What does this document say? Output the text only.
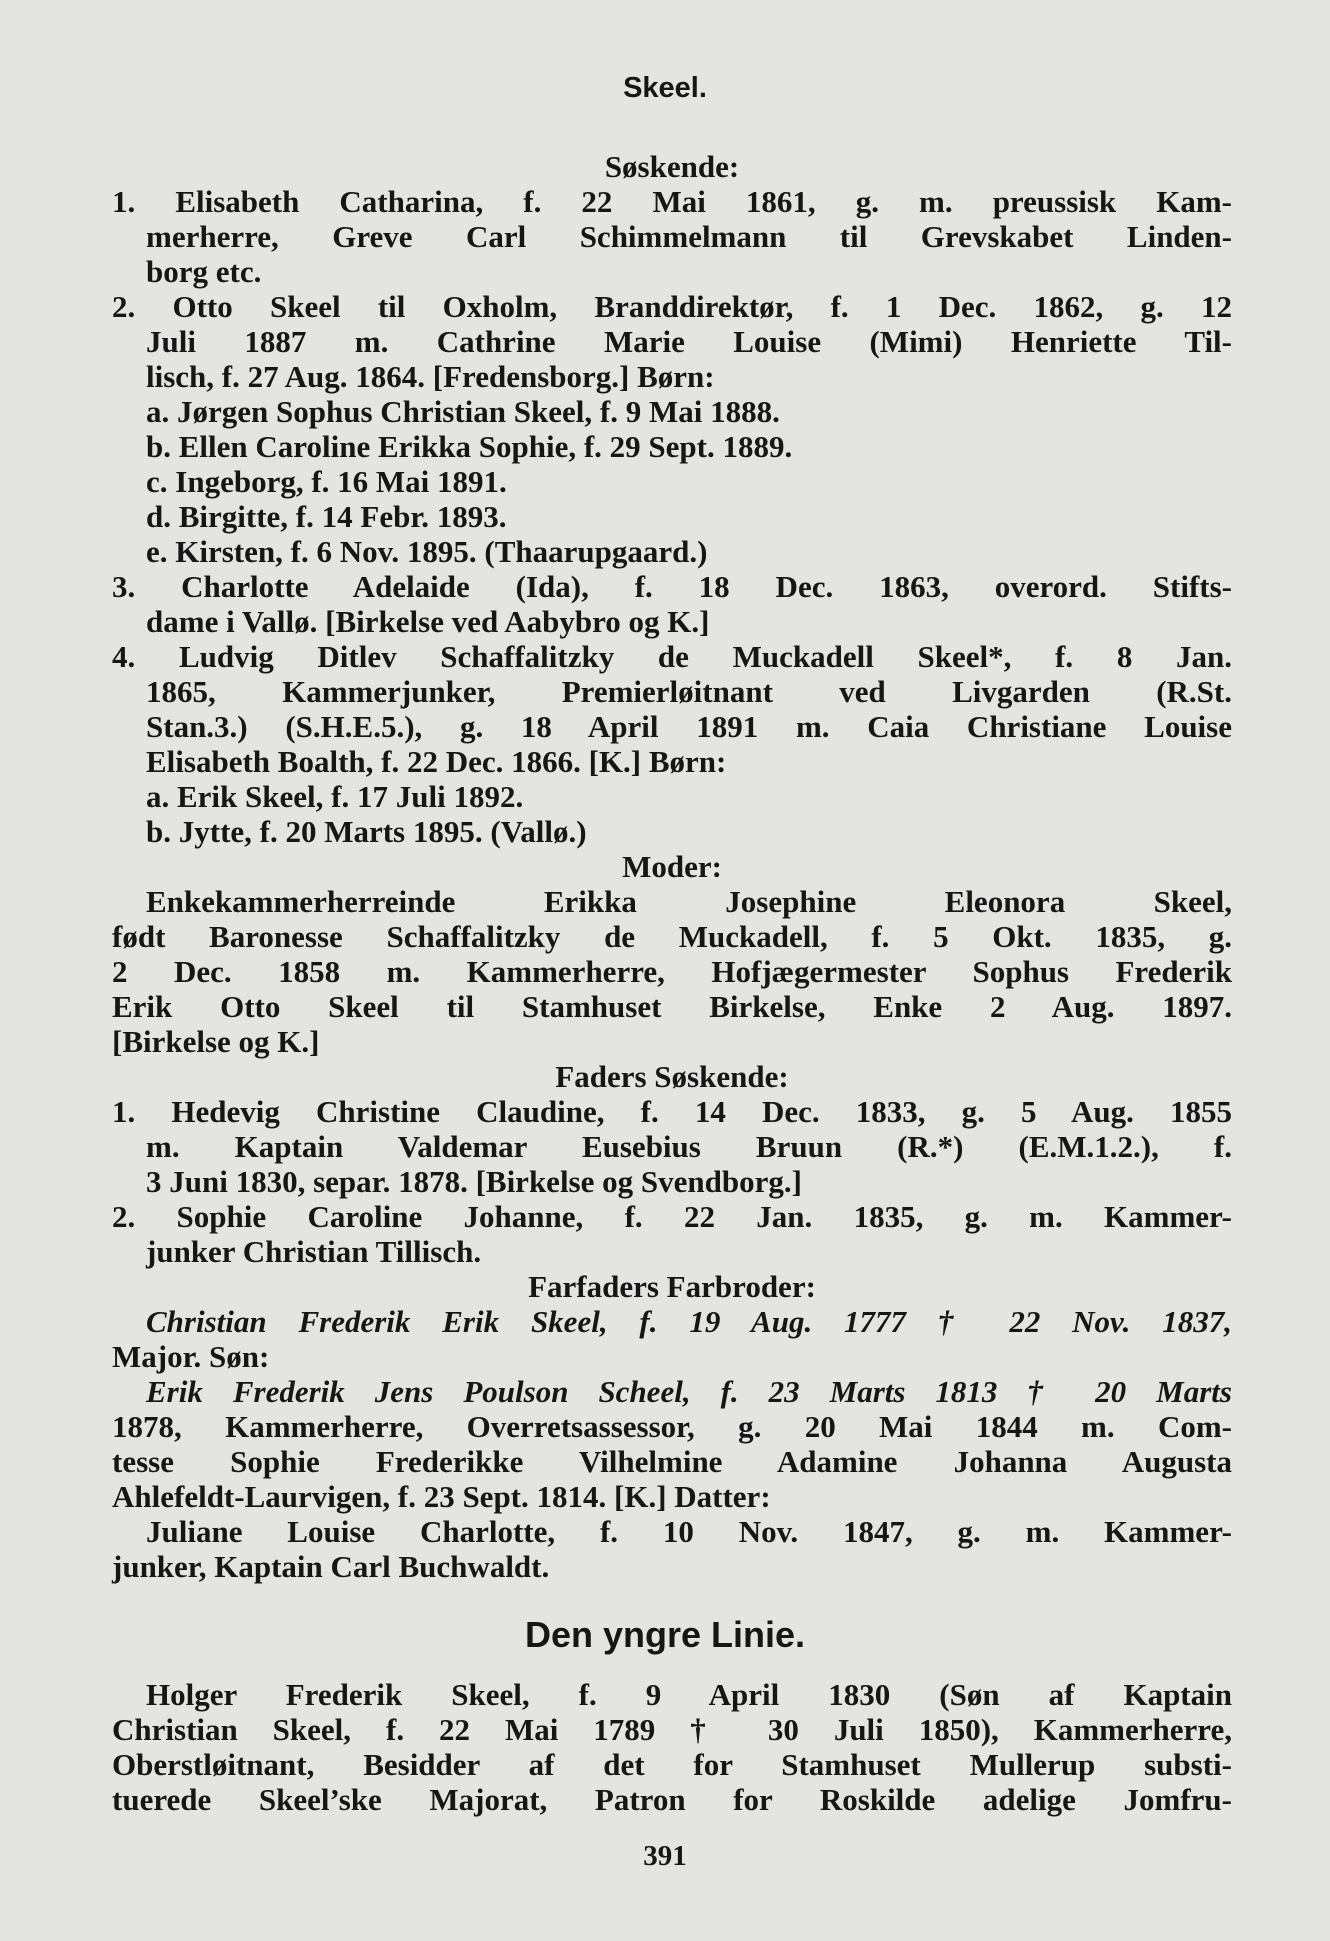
Skeel.

Søskende:

1. Elisabeth Catharina, f. 22 Mai 1861, g. m. preussisk Kam-

merherre, Greve Carl Schimmelmann til Grevskabet Linden-

borg etc.

2. Otto Skeel til Oxholm, Branddirektør, f. 1 Dec. 1862, g. 12

Juli 1887 m. Cathrine Marie Louise (Mimi) Henriette Til-

lisch, f. 27 Aug. 1864. [Fredensborg.] Børn:

a. Jørgen Sophus Christian Skeel, f. 9 Mai 1888.

b. Ellen Caroline Erikka Sophie, f. 29 Sept. 1889.

c. Ingeborg, f. 16 Mai 1891.

d. Birgitte, f. 14 Febr. 1893.

e. Kirsten, f. 6 Nov. 1895. (Thaarupgaard.)

3. Charlotte Adelaide (Ida), f. 18 Dec. 1863, overord. Stifts-

dame i Vallø. [Birkelse ved Aabybro og K.]

4. Ludvig Ditlev Schaffalitzky de Muckadell Skeel*, f. 8 Jan.

1865, Kammerjunker, Premierløitnant ved Livgarden (R.St.

Stan.3.) (S.H.E.5.), g. 18 April 1891 m. Caia Christiane Louise

Elisabeth Boalth, f. 22 Dec. 1866. [K.] Børn:

a. Erik Skeel, f. 17 Juli 1892.

b. Jytte, f. 20 Marts 1895. (Vallø.)

Moder:

Enkekammerherreinde Erikka Josephine Eleonora Skeel,

født Baronesse Schaffalitzky de Muckadell, f. 5 Okt. 1835, g.

2 Dec. 1858 m. Kammerherre, Hofjægermester Sophus Frederik

Erik Otto Skeel til Stamhuset Birkelse, Enke 2 Aug. 1897.

[Birkelse og K.]

Faders Søskende:

1. Hedevig Christine Claudine, f. 14 Dec. 1833, g. 5 Aug. 1855

m. Kaptain Valdemar Eusebius Bruun (R.*) (E.M.1.2.), f.

3 Juni 1830, separ. 1878. [Birkelse og Svendborg.]

2. Sophie Caroline Johanne, f. 22 Jan. 1835, g. m. Kammer-

junker Christian Tillisch.

Farfaders Farbroder:

Christian Frederik Erik Skeel, f. 19 Aug. 1777 † 22 Nov. 1837,

Major. Søn:

Erik Frederik Jens Poulson Scheel, f. 23 Marts 1813 † 20 Marts

1878, Kammerherre, Overretsassessor, g. 20 Mai 1844 m. Com-

tesse Sophie Frederikke Vilhelmine Adamine Johanna Augusta

Ahlefeldt-Laurvigen, f. 23 Sept. 1814. [K.] Datter:

Juliane Louise Charlotte, f. 10 Nov. 1847, g. m. Kammer-

junker, Kaptain Carl Buchwaldt.

Den yngre Linie.

Holger Frederik Skeel, f. 9 April 1830 (Søn af Kaptain

Christian Skeel, f. 22 Mai 1789 † 30 Juli 1850), Kammerherre,

Oberstløitnant, Besidder af det for Stamhuset Mullerup substi-

tuerede Skeel’ske Majorat, Patron for Roskilde adelige Jomfru-

391
